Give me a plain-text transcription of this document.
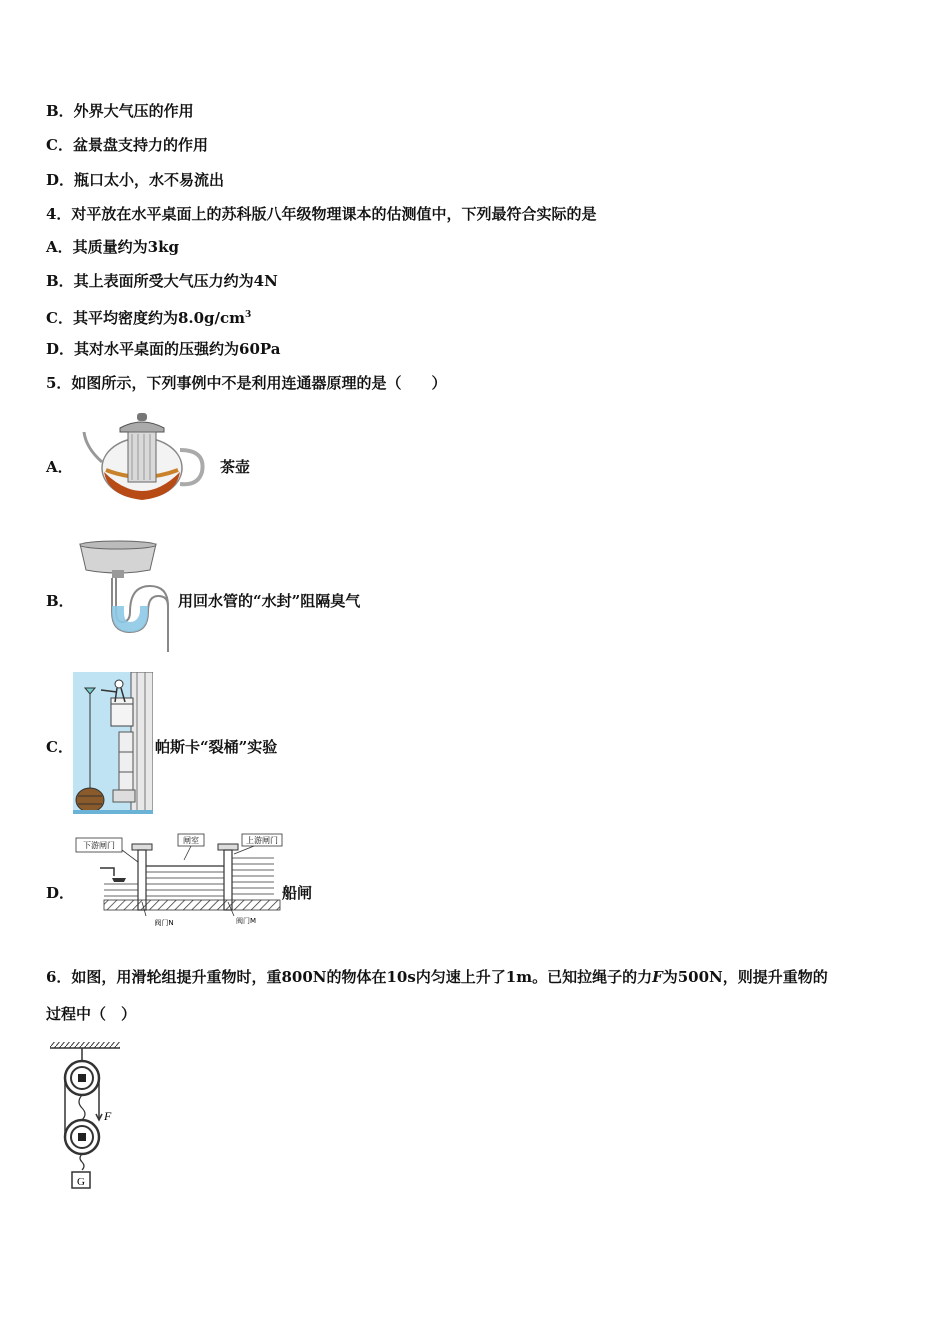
B．外界大气压的作用
C．盆景盘支持力的作用
D．瓶口太小，水不易流出
4．对平放在水平桌面上的苏科版八年级物理课本的估测值中，下列最符合实际的是
A．其质量约为3kg
B．其上表面所受大气压力约为4N
C．其平均密度约为$8.0g/cm^3$
D．其对水平桌面的压强约为60Pa
5．如图所示，下列事例中不是利用连通器原理的是（　　）
A．	茶壶
B．	用回水管的“水封”阻隔臭气
C．	帕斯卡“裂桶”实验
D．
下游闸门
闸室	上游闸门
阀门N	阀门M
船闸
6．如图，用滑轮组提升重物时，重800N的物体在10s内匀速上升了1m。已知拉绳子的力F为500N，则提升重物的
过程中（　）
F
G
